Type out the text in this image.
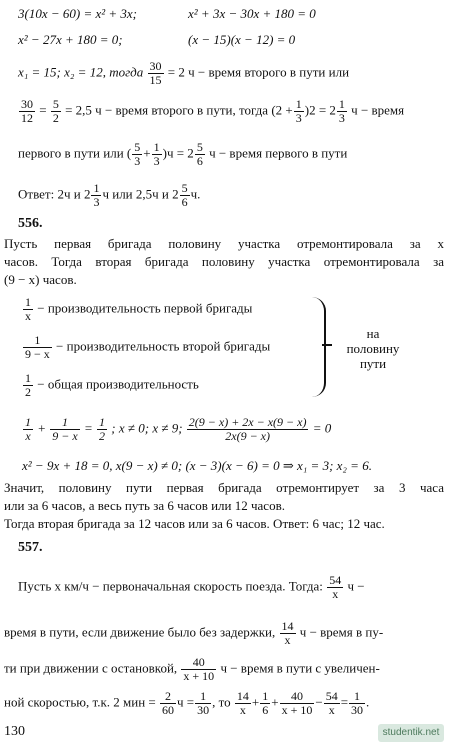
3(10x − 60) = x² + 3x;	x² + 3x − 30x + 180 = 0
x² − 27x + 180 = 0;	(x − 15)(x − 12) = 0
x₁ = 15; x₂ = 12, тогда $\frac{30}{15} = 2$ ч − время второго в пути или
$\frac{30}{12} = \frac{5}{2} = 2,5$ ч − время второго в пути, тогда $(2 + \frac{1}{3} )2 = 2 \frac{1}{3}$ ч − время
первого в пути или ( $\frac{5}{3} + \frac{1}{3} )ч = 2 \frac{5}{6}$ ч − время первого в пути
Ответ: 2ч и $2 \frac{1}{3}$ ч или 2,5ч и $2 \frac{5}{6} ч$.
556.
Пусть первая бригада половину участка отремонтировала за x
часов. Тогда вторая бригада половину участка отремонтировала за
(9 − x) часов.
$\frac{1}{x}$ − производительность первой бригады
$\frac{1}{9 - x}$ − производительность второй бригады
$\frac{1}{2}$ − общая производительность
на
половину
пути
$\frac{1}{x} + \frac{1}{9 - x} = \frac{1}{2}$ ; x ≠ 0; x ≠ 9; $\frac{2(9 - x) + 2x - x(9 - x)}{2x(9 - x)} = 0$
x² − 9x + 18 = 0, x(9 − x) ≠ 0; (x − 3)(x − 6) = 0 ⇒ x₁ = 3; x₂ = 6.
Значит, половину пути первая бригада отремонтирует за 3 часа
или за 6 часов, а весь путь за 6 часов или 12 часов.
Тогда вторая бригада за 12 часов или за 6 часов. Ответ: 6 час; 12 час.
557.
Пусть x км/ч − первоначальная скорость поезда. Тогда: $\frac{54}{x}$ ч −
время в пути, если движение было без задержки, $\frac{14}{x}$ ч − время в пу-
ти при движении с остановкой, $\frac{40}{x + 10}$ ч − время в пути с увеличен-
ной скоростью, т.к. 2 мин = $\frac{2}{60}$ $ч = \frac{1}{30}$ , то $\frac{14}{x} + \frac{1}{6} + \frac{40}{x + 10} - \frac{54}{x} = \frac{1}{30}$ .
130	studentik.net
